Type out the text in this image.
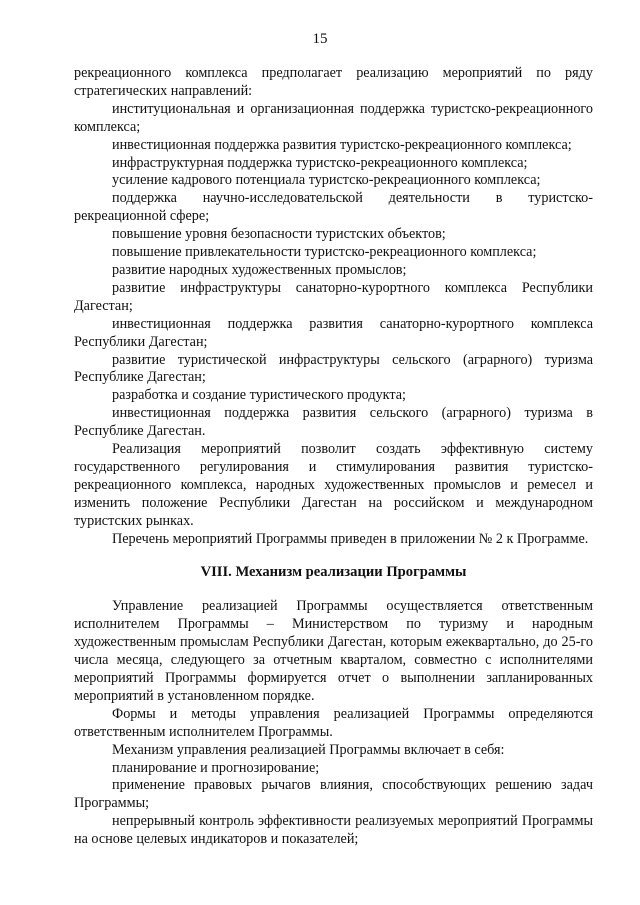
15

рекреационного комплекса предполагает реализацию мероприятий по ряду стратегических направлений:

институциональная и организационная поддержка туристско-рекреационного комплекса;

инвестиционная поддержка развития туристско-рекреационного комплекса;

инфраструктурная поддержка туристско-рекреационного комплекса;

усиление кадрового потенциала туристско-рекреационного комплекса;

поддержка научно-исследовательской деятельности в туристско-рекреационной сфере;

повышение уровня безопасности туристских объектов;

повышение привлекательности туристско-рекреационного комплекса;

развитие народных художественных промыслов;

развитие инфраструктуры санаторно-курортного комплекса Республики Дагестан;

инвестиционная поддержка развития санаторно-курортного комплекса Республики Дагестан;

развитие туристической инфраструктуры сельского (аграрного) туризма Республике Дагестан;

разработка и создание туристического продукта;

инвестиционная поддержка развития сельского (аграрного) туризма в Республике Дагестан.

Реализация мероприятий позволит создать эффективную систему государственного регулирования и стимулирования развития туристско-рекреационного комплекса, народных художественных промыслов и ремесел и изменить положение Республики Дагестан на российском и международном туристских рынках.

Перечень мероприятий Программы приведен в приложении № 2 к Программе.

VIII. Механизм реализации Программы

Управление реализацией Программы осуществляется ответственным исполнителем Программы – Министерством по туризму и народным художественным промыслам Республики Дагестан, которым ежеквартально, до 25-го числа месяца, следующего за отчетным кварталом, совместно с исполнителями мероприятий Программы формируется отчет о выполнении запланированных мероприятий в установленном порядке.

Формы и методы управления реализацией Программы определяются ответственным исполнителем Программы.

Механизм управления реализацией Программы включает в себя:

планирование и прогнозирование;

применение правовых рычагов влияния, способствующих решению задач Программы;

непрерывный контроль эффективности реализуемых мероприятий Программы на основе целевых индикаторов и показателей;
